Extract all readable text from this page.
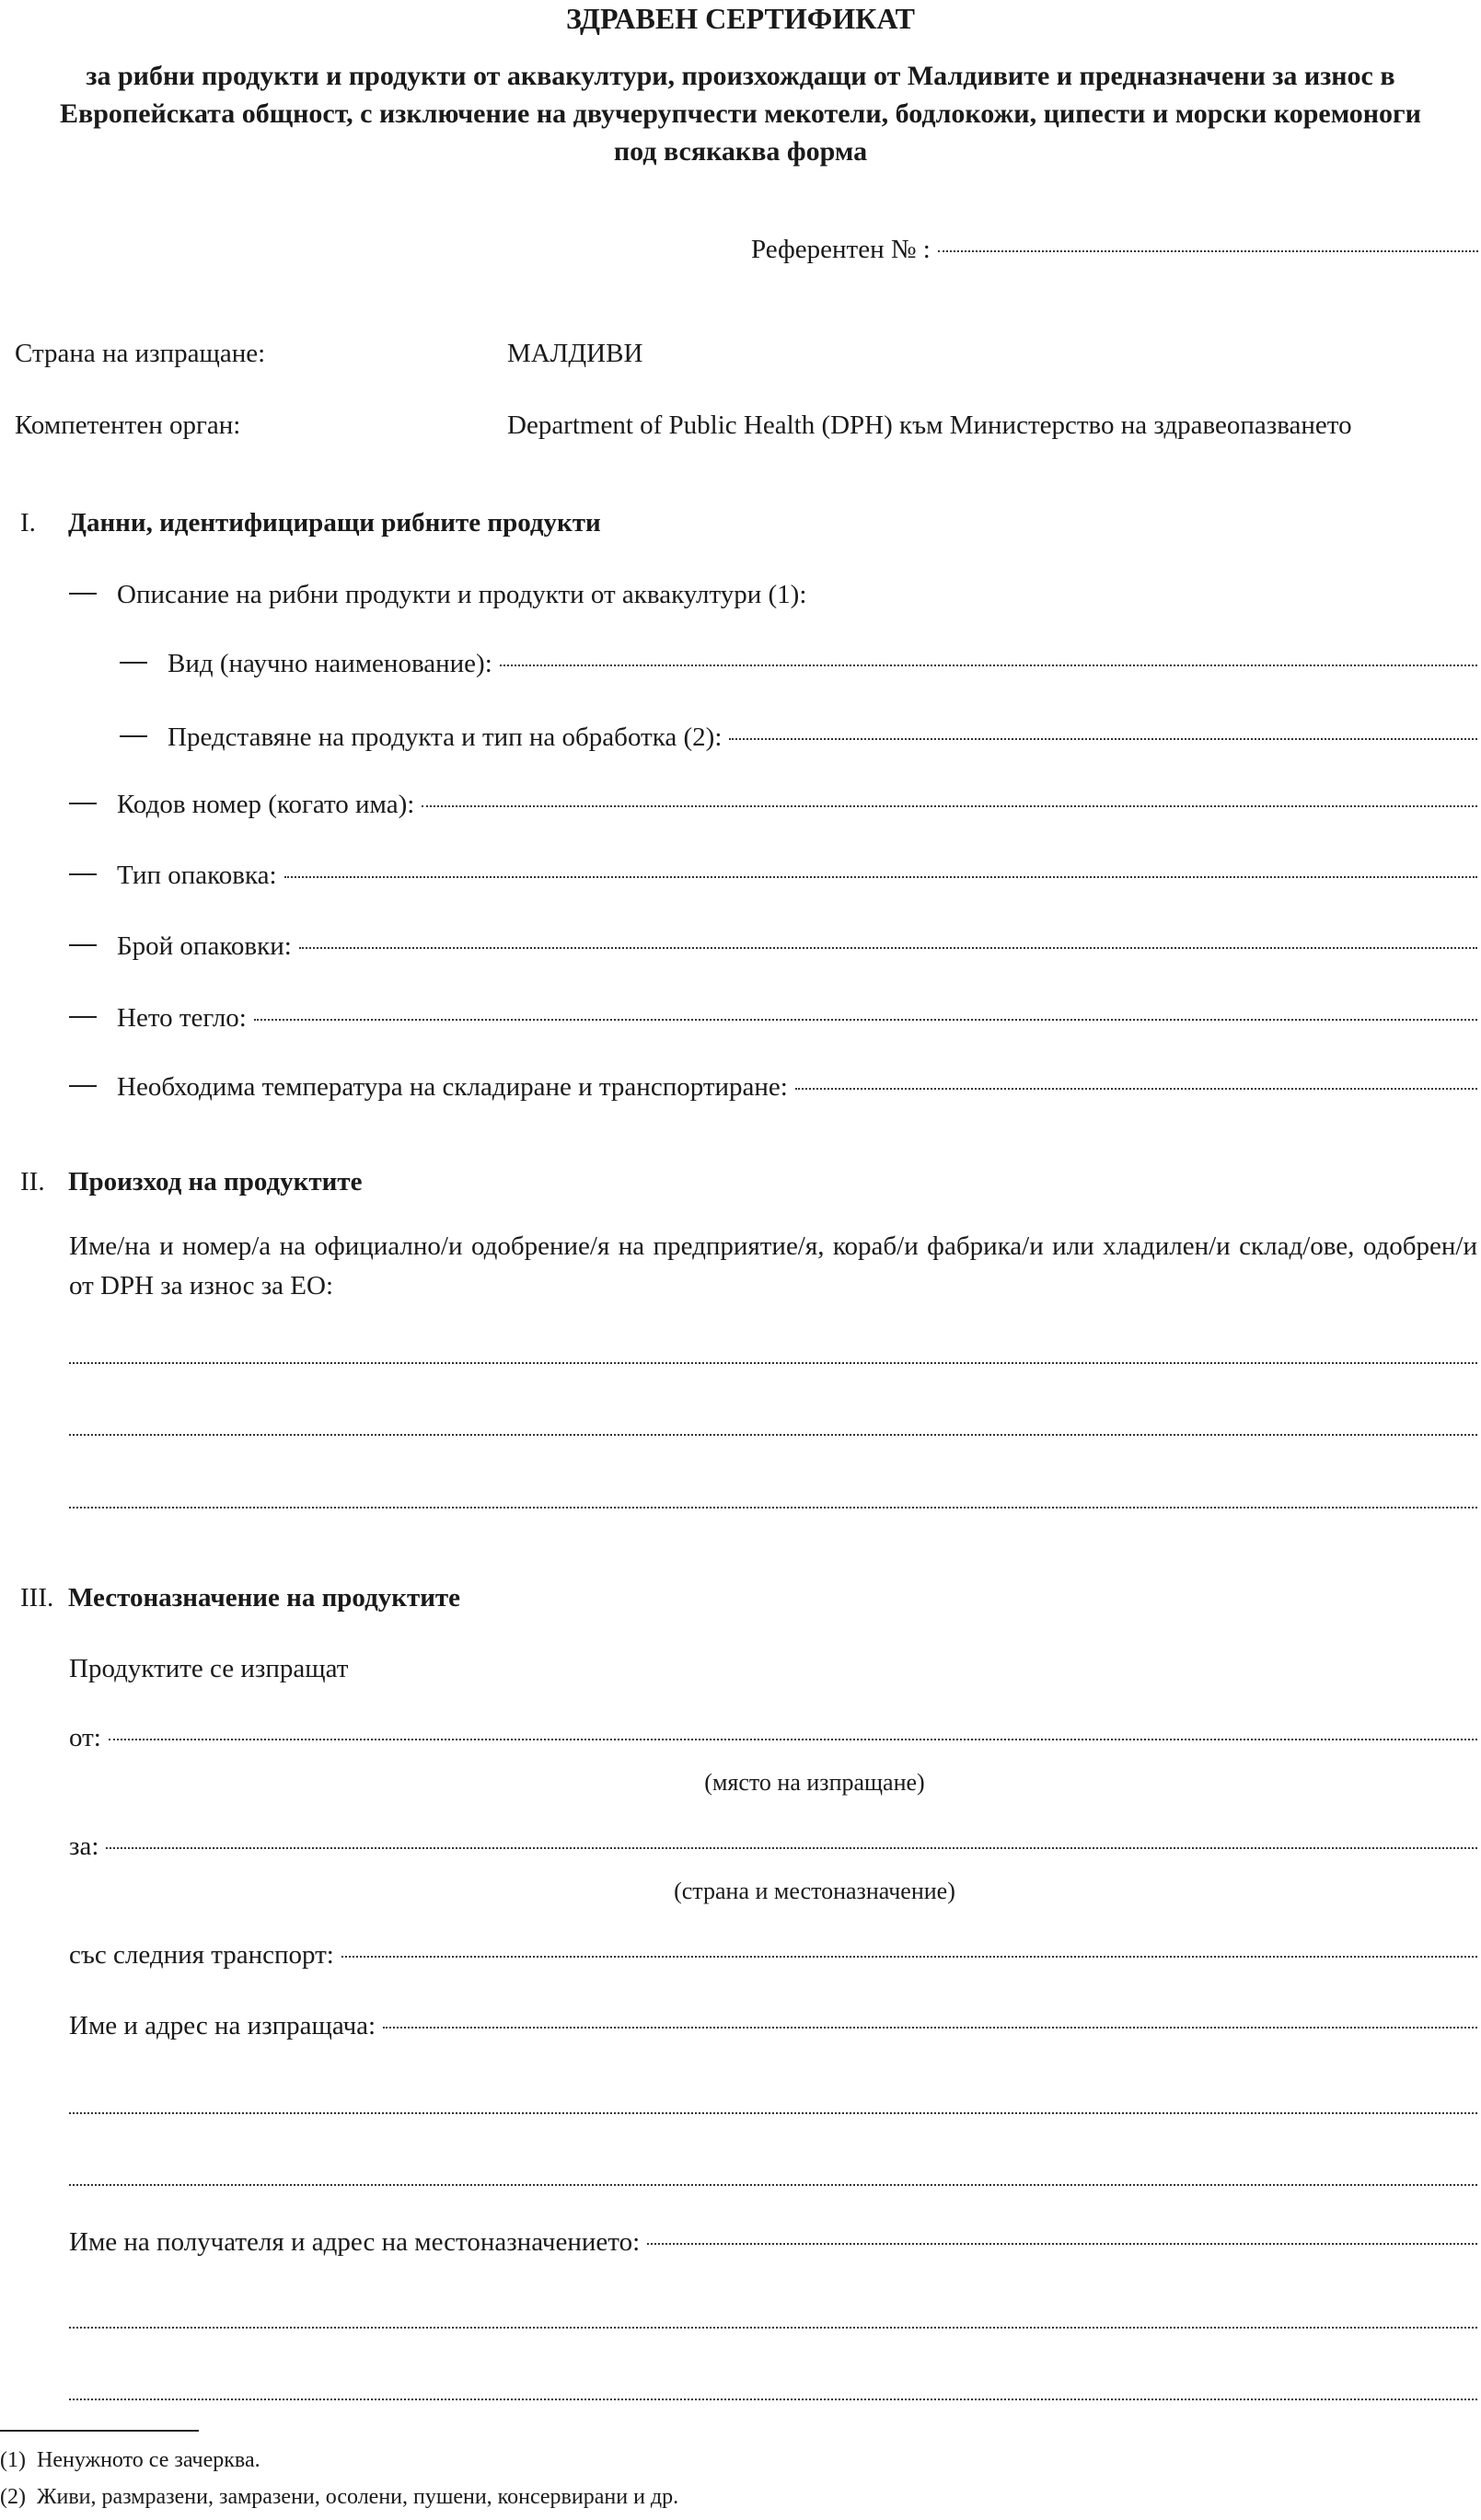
ЗДРАВЕН СЕРТИФИКАТ
за рибни продукти и продукти от аквакултури, произхождащи от Малдивите и предназначени за износ в Европейската общност, с изключение на двучерупчести мекотели, бодлокожи, ципести и морски коремоноги под всякаква форма
Референтен № :
Страна на изпращане:	МАЛДИВИ
Компетентен орган:	Department of Public Health (DPH) към Министерство на здравеопазването
I. Данни, идентифициращи рибните продукти
Описание на рибни продукти и продукти от аквакултури (1):
Вид (научно наименование):
Представяне на продукта и тип на обработка (2):
Кодов номер (когато има):
Тип опаковка:
Брой опаковки:
Нето тегло:
Необходима температура на складиране и транспортиране:
II. Произход на продуктите
Име/на и номер/а на официално/и одобрение/я на предприятие/я, кораб/и фабрика/и или хладилен/и склад/ове, одобрен/и от DPH за износ за ЕО:
III. Местоназначение на продуктите
Продуктите се изпращат
от:
(място на изпращане)
за:
(страна и местоназначение)
със следния транспорт:
Име и адрес на изпращача:
Име на получателя и адрес на местоназначението:
(1) Ненужното се зачерква.
(2) Живи, размразени, замразени, осолени, пушени, консервирани и др.
